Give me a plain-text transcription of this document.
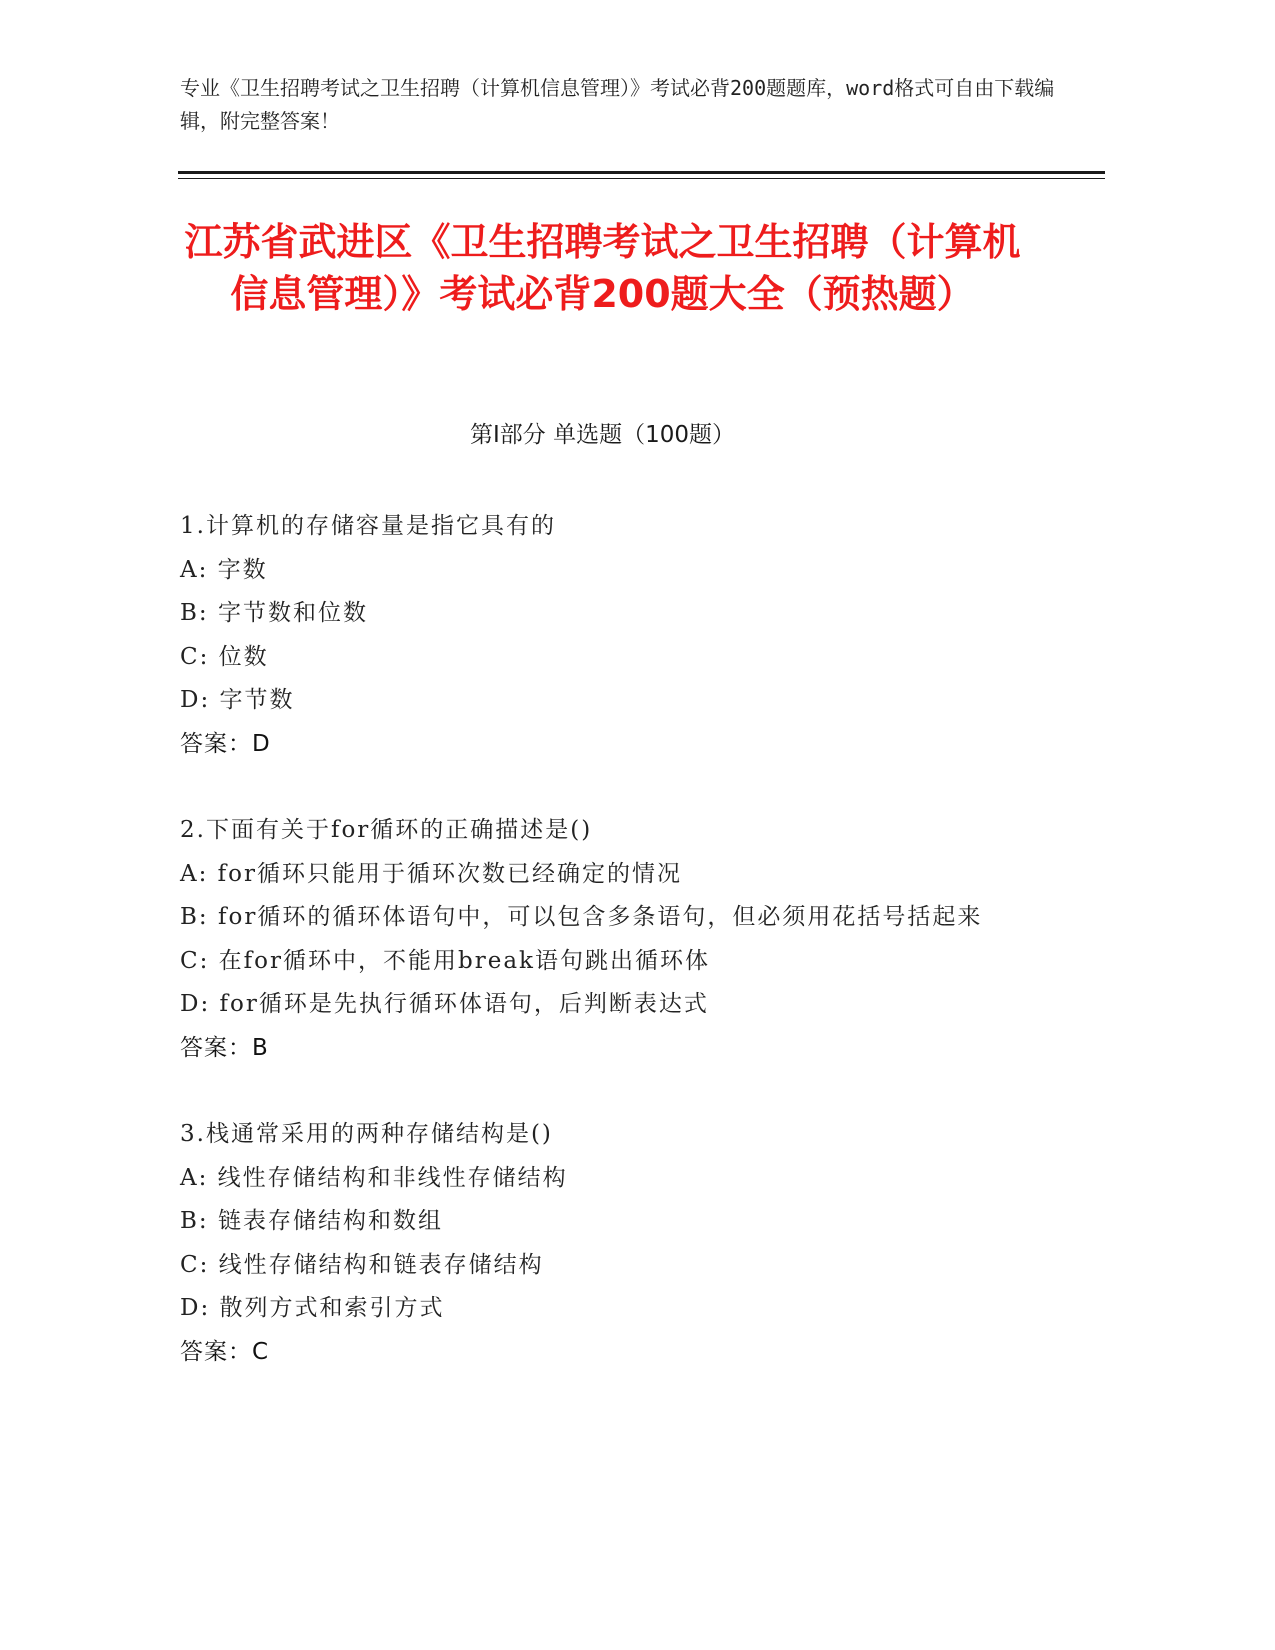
专业《卫生招聘考试之卫生招聘（计算机信息管理）》考试必背200题题库，word格式可自由下载编辑，附完整答案！
江苏省武进区《卫生招聘考试之卫生招聘（计算机信息管理）》考试必背200题大全（预热题）
第I部分 单选题（100题）
1.计算机的存储容量是指它具有的
A: 字数
B: 字节数和位数
C: 位数
D: 字节数
答案：D
2.下面有关于for循环的正确描述是()
A: for循环只能用于循环次数已经确定的情况
B: for循环的循环体语句中，可以包含多条语句，但必须用花括号括起来
C: 在for循环中，不能用break语句跳出循环体
D: for循环是先执行循环体语句，后判断表达式
答案：B
3.栈通常采用的两种存储结构是()
A: 线性存储结构和非线性存储结构
B: 链表存储结构和数组
C: 线性存储结构和链表存储结构
D: 散列方式和索引方式
答案：C
